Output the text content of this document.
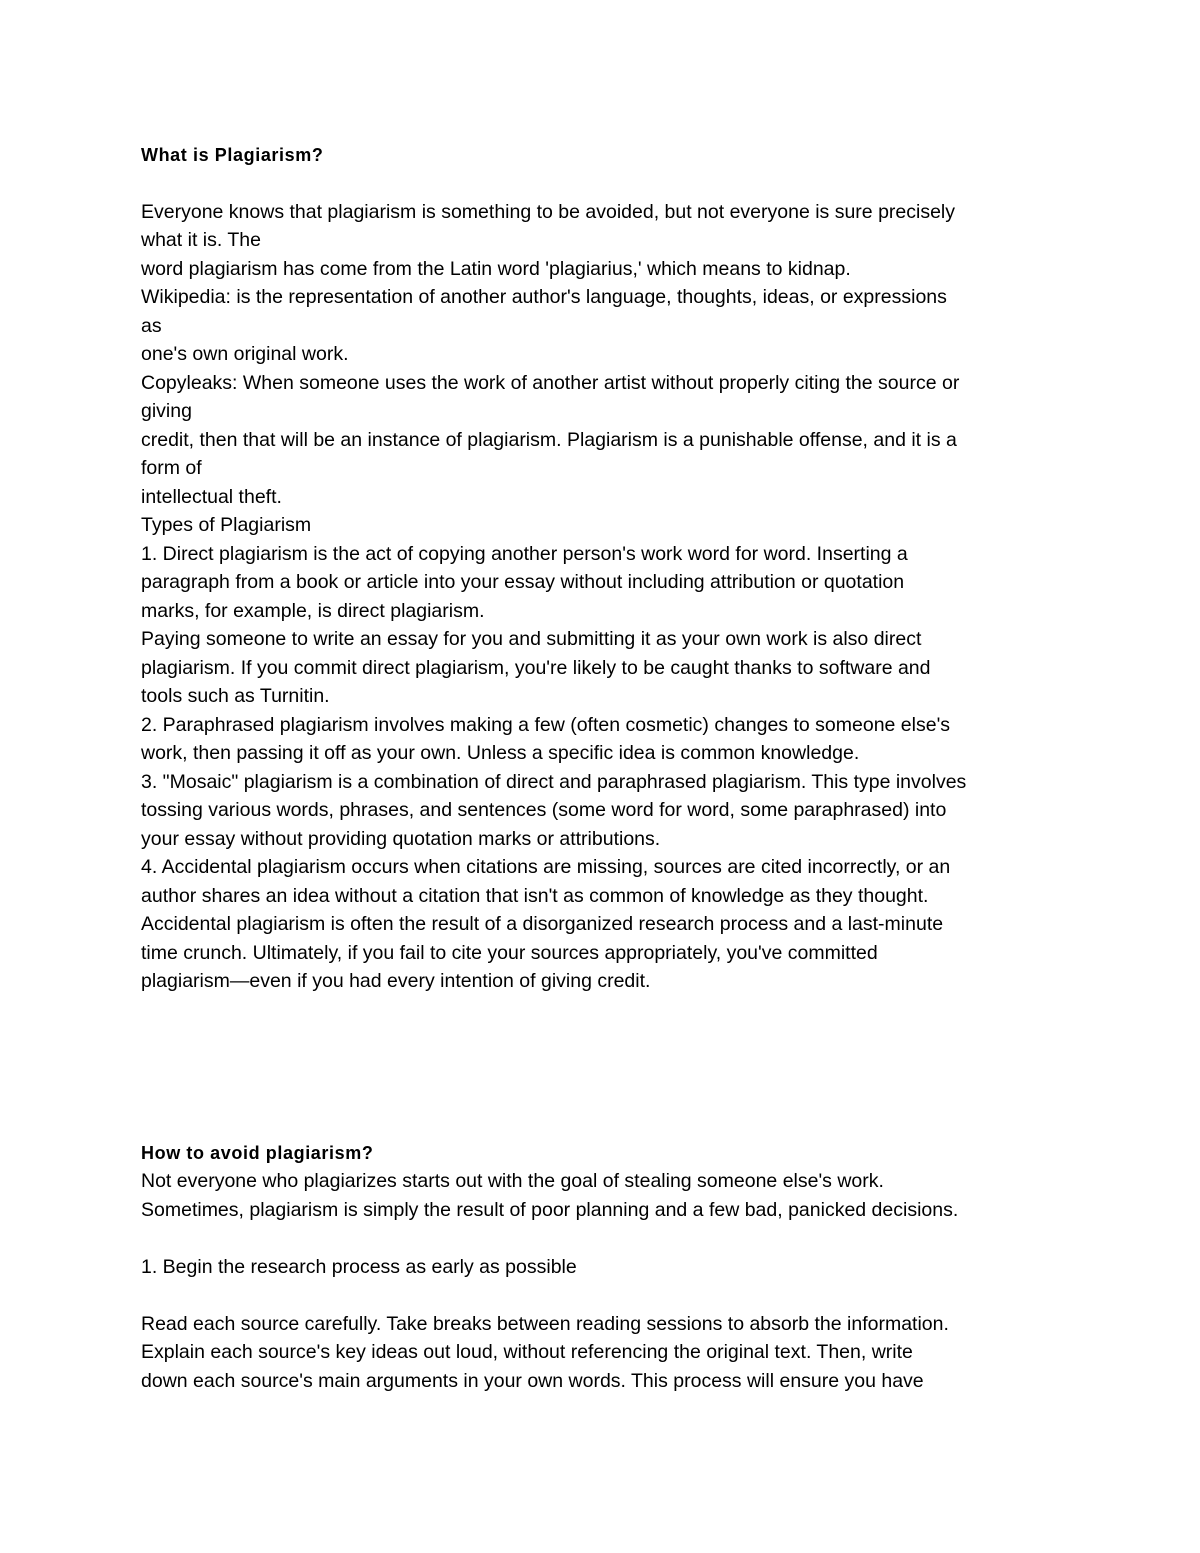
What is Plagiarism?
Everyone knows that plagiarism is something to be avoided, but not everyone is sure precisely
what it is. The
word plagiarism has come from the Latin word 'plagiarius,' which means to kidnap.
Wikipedia: is the representation of another author's language, thoughts, ideas, or expressions
as
one's own original work.
Copyleaks: When someone uses the work of another artist without properly citing the source or
giving
credit, then that will be an instance of plagiarism. Plagiarism is a punishable offense, and it is a
form of
intellectual theft.
Types of Plagiarism
1. Direct plagiarism is the act of copying another person's work word for word. Inserting a
paragraph from a book or article into your essay without including attribution or quotation
marks, for example, is direct plagiarism.
Paying someone to write an essay for you and submitting it as your own work is also direct
plagiarism. If you commit direct plagiarism, you're likely to be caught thanks to software and
tools such as Turnitin.
2. Paraphrased plagiarism involves making a few (often cosmetic) changes to someone else's
work, then passing it off as your own. Unless a specific idea is common knowledge.
3. "Mosaic" plagiarism is a combination of direct and paraphrased plagiarism. This type involves
tossing various words, phrases, and sentences (some word for word, some paraphrased) into
your essay without providing quotation marks or attributions.
4. Accidental plagiarism occurs when citations are missing, sources are cited incorrectly, or an
author shares an idea without a citation that isn't as common of knowledge as they thought.
Accidental plagiarism is often the result of a disorganized research process and a last-minute
time crunch. Ultimately, if you fail to cite your sources appropriately, you've committed
plagiarism—even if you had every intention of giving credit.
How to avoid plagiarism?
Not everyone who plagiarizes starts out with the goal of stealing someone else's work.
Sometimes, plagiarism is simply the result of poor planning and a few bad, panicked decisions.
1. Begin the research process as early as possible
Read each source carefully. Take breaks between reading sessions to absorb the information.
Explain each source's key ideas out loud, without referencing the original text. Then, write
down each source's main arguments in your own words. This process will ensure you have
